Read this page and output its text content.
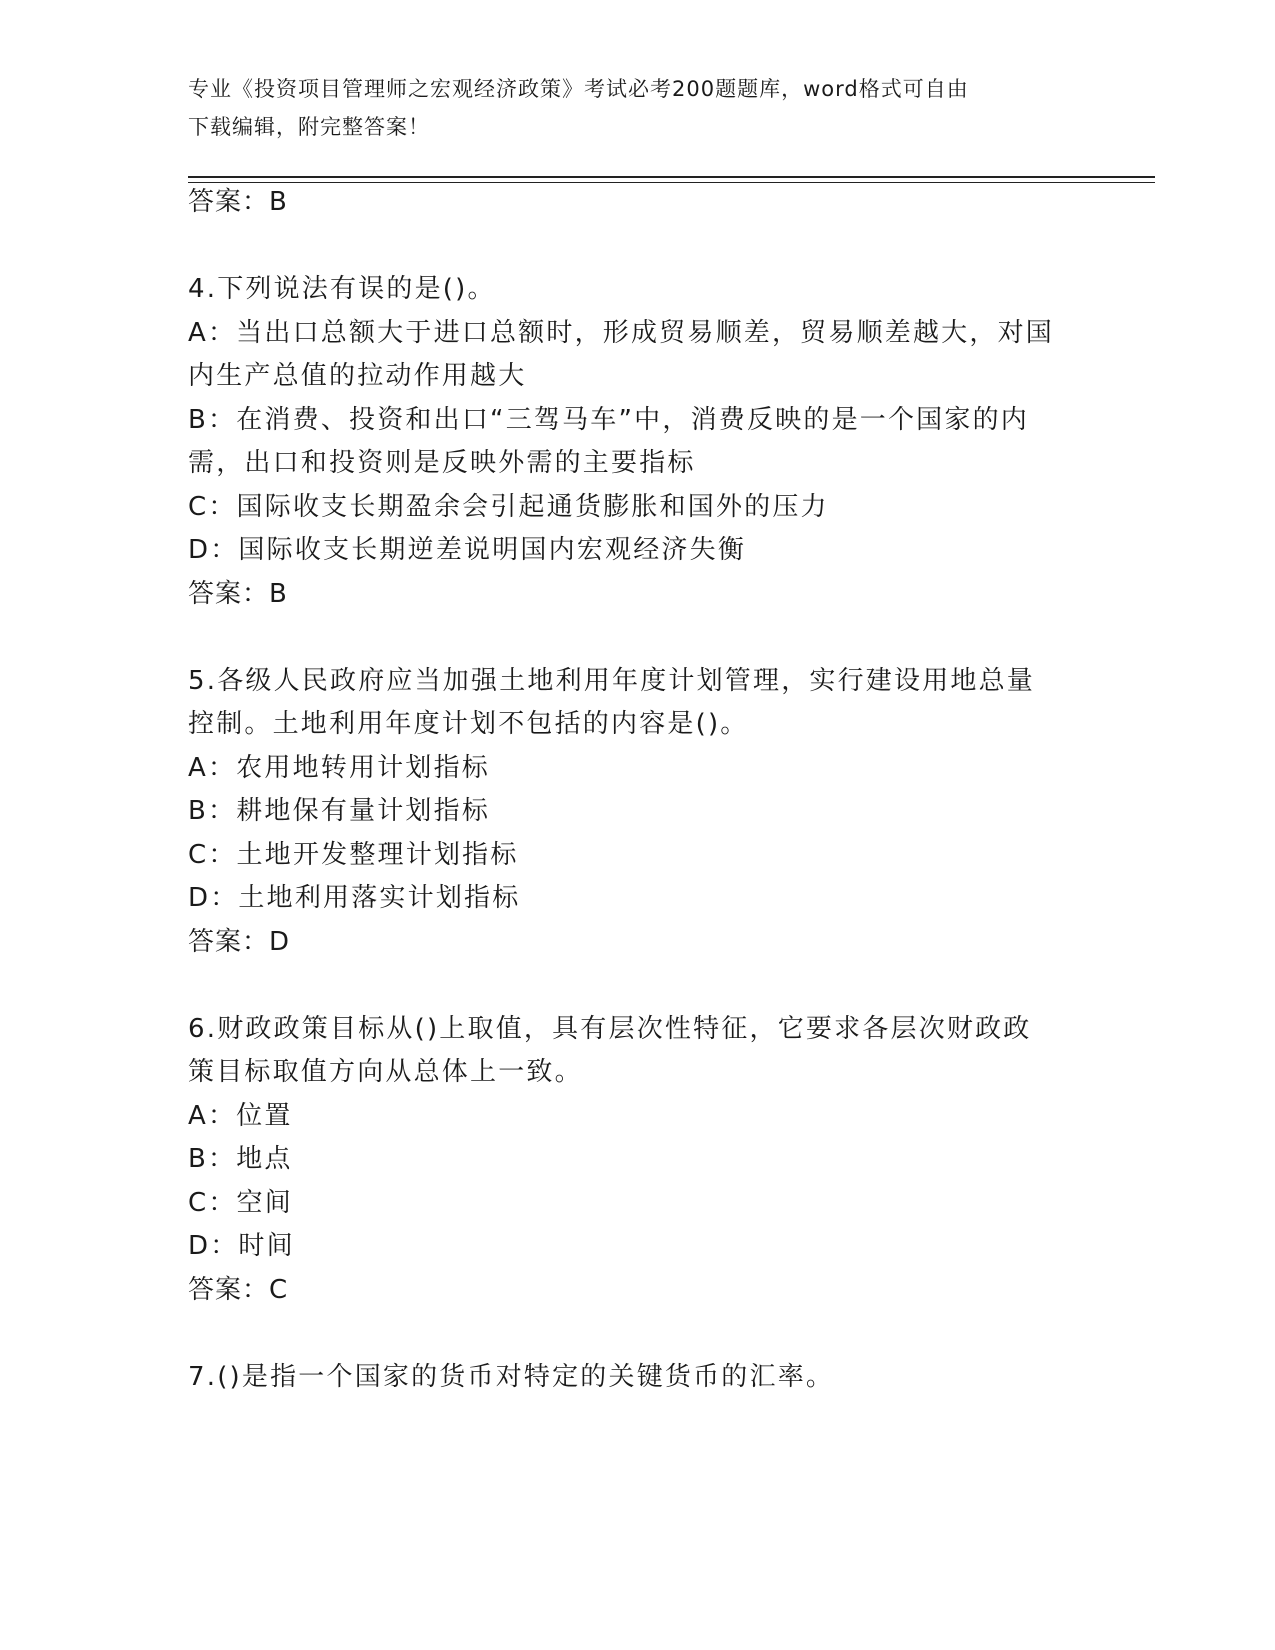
专业《投资项目管理师之宏观经济政策》考试必考200题题库，word格式可自由
下载编辑，附完整答案！
答案：B
4.下列说法有误的是()。
A：当出口总额大于进口总额时，形成贸易顺差，贸易顺差越大，对国
内生产总值的拉动作用越大
B：在消费、投资和出口“三驾马车”中，消费反映的是一个国家的内
需，出口和投资则是反映外需的主要指标
C：国际收支长期盈余会引起通货膨胀和国外的压力
D：国际收支长期逆差说明国内宏观经济失衡
答案：B
5.各级人民政府应当加强土地利用年度计划管理，实行建设用地总量
控制。土地利用年度计划不包括的内容是()。
A：农用地转用计划指标
B：耕地保有量计划指标
C：土地开发整理计划指标
D：土地利用落实计划指标
答案：D
6.财政政策目标从()上取值，具有层次性特征，它要求各层次财政政
策目标取值方向从总体上一致。
A：位置
B：地点
C：空间
D：时间
答案：C
7.()是指一个国家的货币对特定的关键货币的汇率。
